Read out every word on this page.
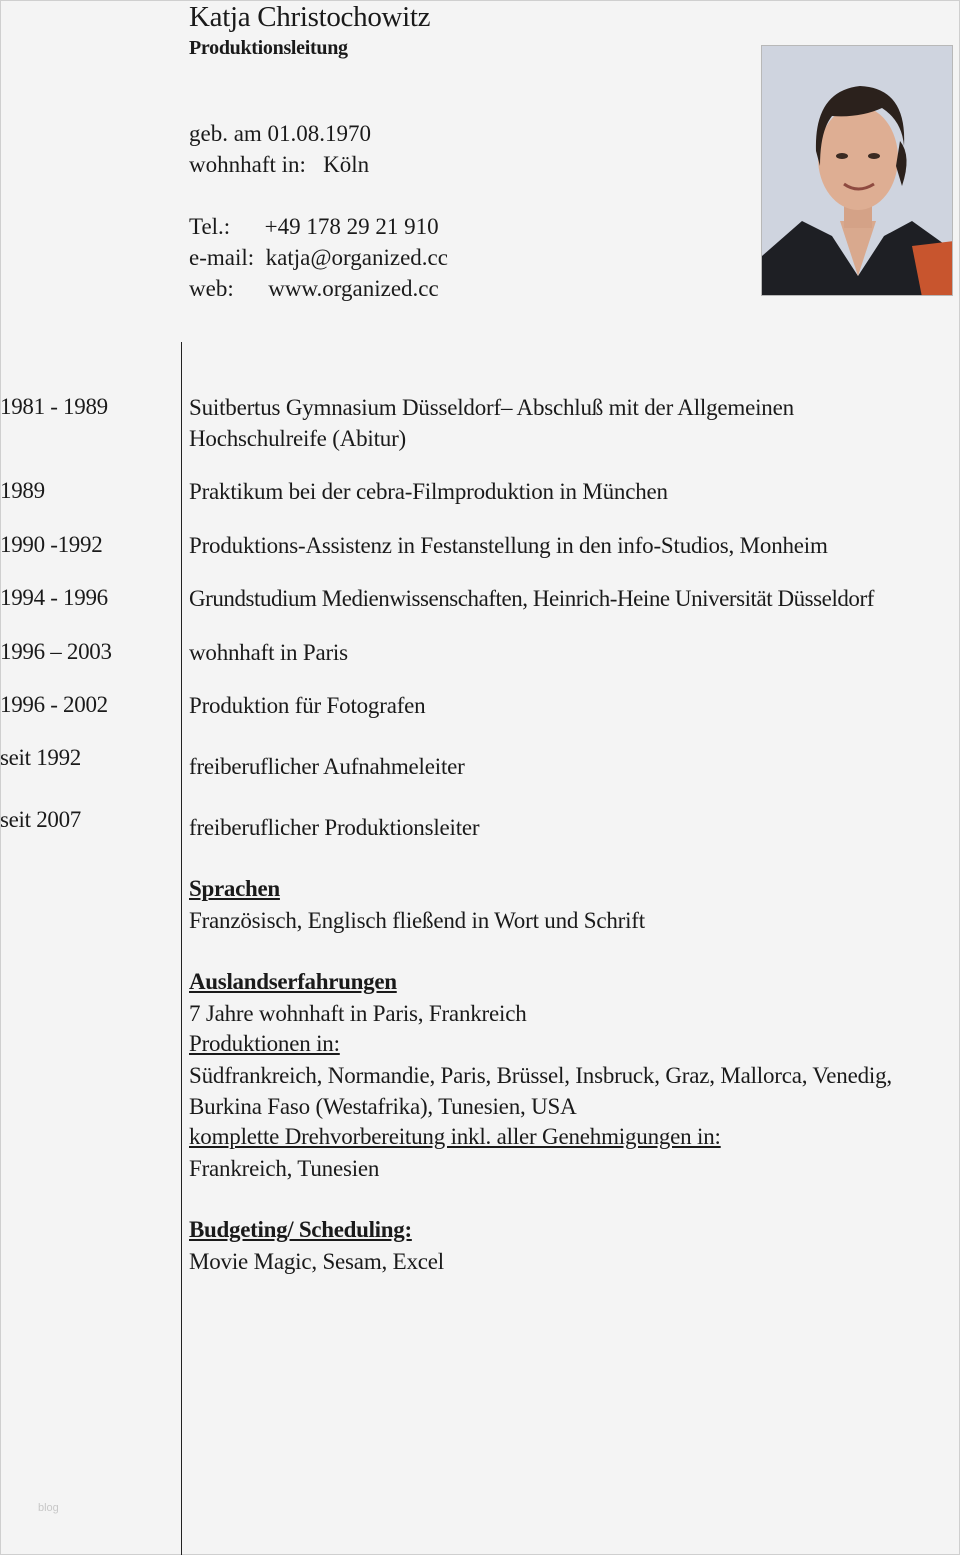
Katja Christochowitz
Produktionsleitung
geb. am 01.08.1970
wohnhaft in:   Köln
Tel.:      +49 178 29 21 910
e-mail:  katja@organized.cc
web:      www.organized.cc
1981 - 1989	Suitbertus Gymnasium Düsseldorf– Abschluß mit der Allgemeinen
Hochschulreife (Abitur)
1989	Praktikum bei der cebra-Filmproduktion in München
1990 -1992	Produktions-Assistenz in Festanstellung in den info-Studios, Monheim
1994 - 1996	Grundstudium Medienwissenschaften, Heinrich-Heine Universität Düsseldorf
1996 – 2003	wohnhaft in Paris
1996 - 2002	Produktion für Fotografen
seit 1992	freiberuflicher Aufnahmeleiter
seit 2007	freiberuflicher Produktionsleiter
Sprachen
Französisch, Englisch fließend in Wort und Schrift
Auslandserfahrungen
7 Jahre wohnhaft in Paris, Frankreich
Produktionen in:
Südfrankreich, Normandie, Paris, Brüssel, Insbruck, Graz, Mallorca, Venedig,
Burkina Faso (Westafrika), Tunesien, USA
komplette Drehvorbereitung inkl. aller Genehmigungen in:
Frankreich, Tunesien
Budgeting/ Scheduling:
Movie Magic, Sesam, Excel
blog
